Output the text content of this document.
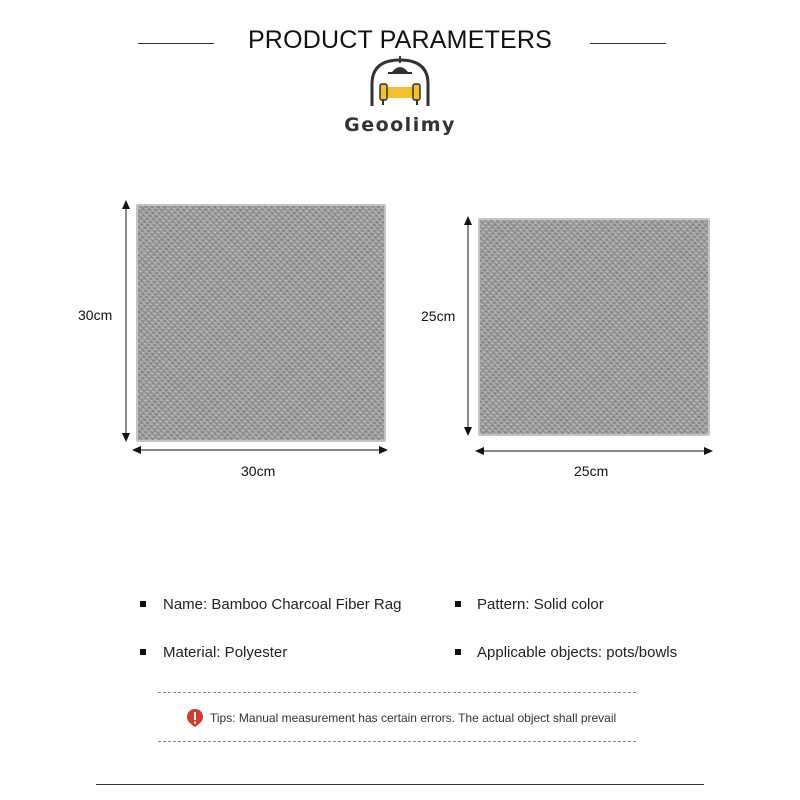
PRODUCT PARAMETERS
Geoolimy
30cm
30cm
25cm
25cm
Name: Bamboo Charcoal Fiber Rag	Pattern: Solid color
Material: Polyester	Applicable objects: pots/bowls
Tips: Manual measurement has certain errors. The actual object shall prevail
